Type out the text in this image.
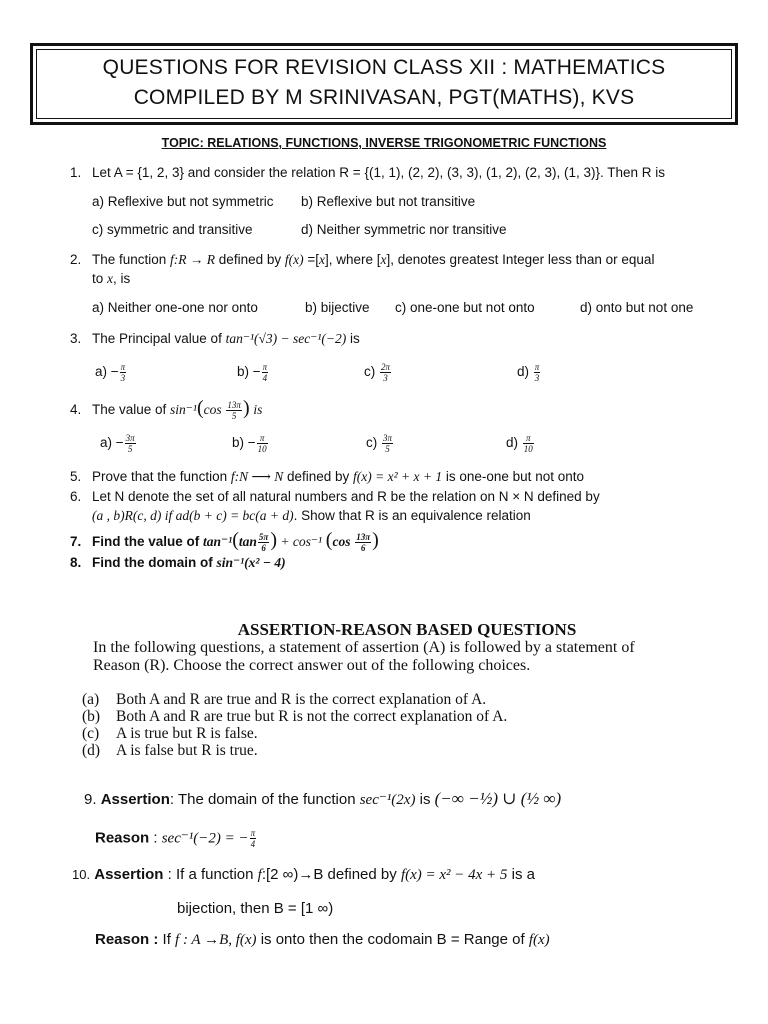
QUESTIONS FOR REVISION CLASS XII : MATHEMATICS
COMPILED BY M SRINIVASAN, PGT(MATHS), KVS
TOPIC: RELATIONS, FUNCTIONS, INVERSE TRIGONOMETRIC FUNCTIONS
1. Let A = {1, 2, 3} and consider the relation R = {(1, 1), (2, 2), (3, 3), (1, 2), (2, 3), (1, 3)}. Then R is
a) Reflexive but not symmetric b) Reflexive but not transitive
c) symmetric and transitive	d) Neither symmetric nor transitive
2. The function f:R → R defined by f(x) =[x], where [x], denotes greatest Integer less than or equal
to x, is
a) Neither one-one nor onto	b) bijective c) one-one but not onto	d) onto but not one
3. The Principal value of tan⁻¹(√3) − sec⁻¹(−2) is
$a) - \frac{\pi}{3}$	$b) - \frac{\pi}{4}$	$c) \frac{2\pi}{3}$	$d) \frac{\pi}{3}$
4. The value of $\sin^{-1}(\cos \frac{13\pi}{5}$ ) is
$a) - \frac{3\pi}{5}$	$b) - \frac{\pi}{10}$	$c) \frac{3\pi}{5}$	$d) \frac{\pi}{10}$
5. Prove that the function f:N ⟶ N defined by f(x) = x² + x + 1 is one-one but not onto
6. Let N denote the set of all natural numbers and R be the relation on N × N defined by
(a , b)R(c, d) if ad(b + c) = bc(a + d). Show that R is an equivalence relation
7. Find the value of $\tan^{-1}(\tan \frac{5\pi}{6}$ ) + cos⁻¹ ($\cos \frac{13\pi}{6}$ )
8. Find the domain of sin⁻¹(x² − 4)
ASSERTION-REASON BASED QUESTIONS
In the following questions, a statement of assertion (A) is followed by a statement of
Reason (R). Choose the correct answer out of the following choices.
(a) Both A and R are true and R is the correct explanation of A.
(b) Both A and R are true but R is not the correct explanation of A.
(c) A is true but R is false.
(d) A is false but R is true.
9. Assertion: The domain of the function sec⁻¹(2x) is (−∞ −½) ∪ (½ ∞)
Reason : sec⁻¹(−2) = − $\frac{\pi}{4}$
10. Assertion : If a function f:[2 ∞)→B defined by f(x) = x² − 4x + 5 is a
bijection, then B = [1 ∞)
Reason : If f : A →B, f(x) is onto then the codomain B = Range of f(x)
